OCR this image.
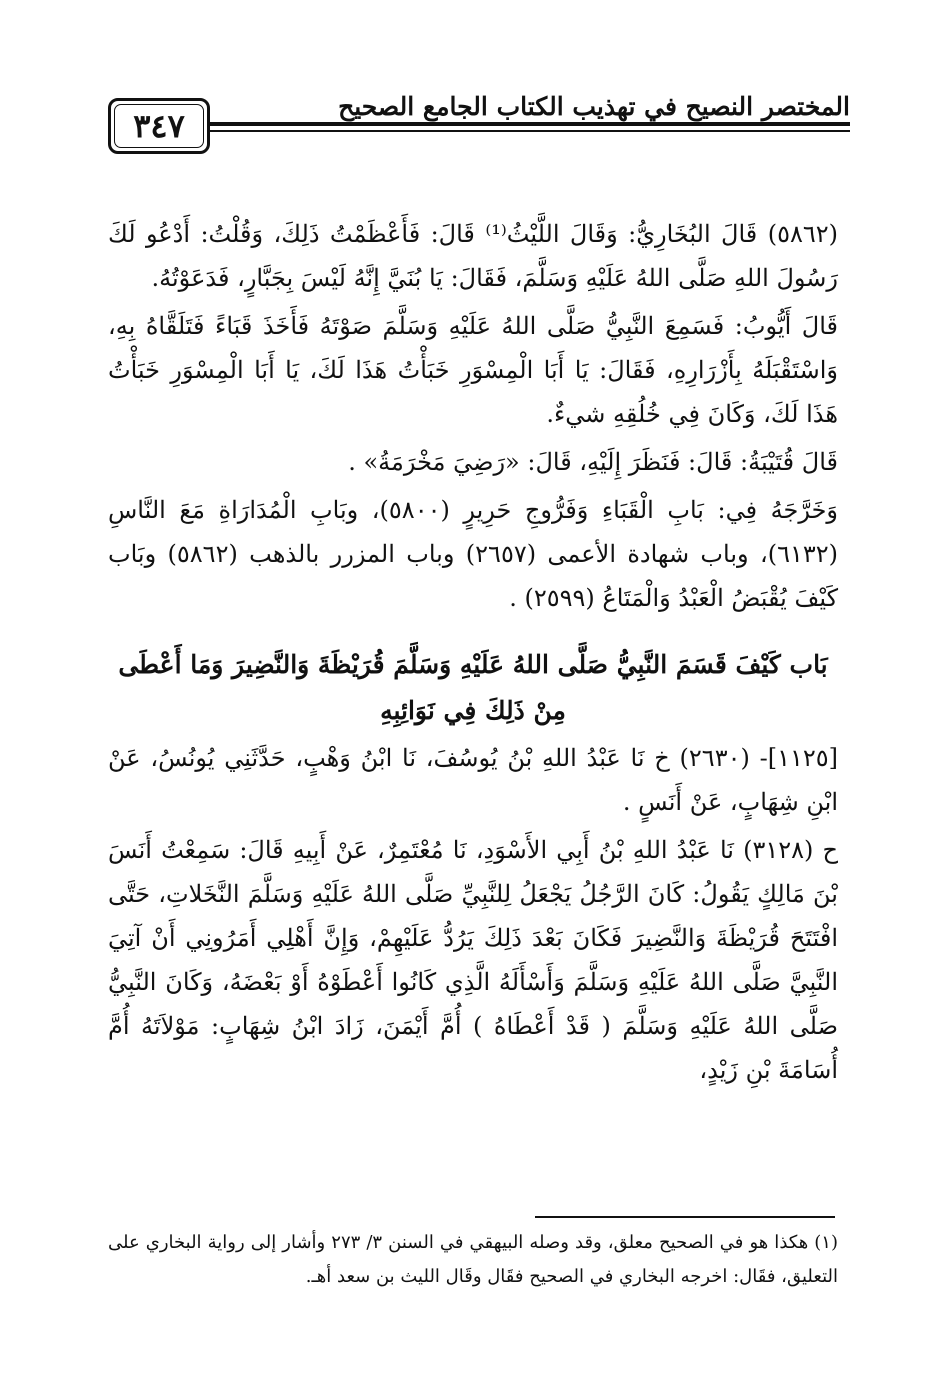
٣٤٧
المختصر النصيح في تهذيب الكتاب الجامع الصحيح

(٥٨٦٢) قَالَ البُخَارِيُّ: وَقَالَ اللَّيْثُ⁽¹⁾ قَالَ: فَأَعْظَمْتُ ذَلِكَ، وَقُلْتُ: أَدْعُو لَكَ رَسُولَ اللهِ صَلَّى اللهُ عَلَيْهِ وَسَلَّمَ، فَقَالَ: يَا بُنَيَّ إِنَّهُ لَيْسَ بِجَبَّارٍ، فَدَعَوْتُهُ.

قَالَ أَيُّوبُ: فَسَمِعَ النَّبِيُّ صَلَّى اللهُ عَلَيْهِ وَسَلَّمَ صَوْتَهُ فَأَخَذَ قَبَاءً فَتَلَقَّاهُ بِهِ، وَاسْتَقْبَلَهُ بِأَزْرَارِهِ، فَقَالَ: يَا أَبَا الْمِسْوَرِ خَبَأْتُ هَذَا لَكَ، يَا أَبَا الْمِسْوَرِ خَبَأْتُ هَذَا لَكَ، وَكَانَ فِي خُلُقِهِ شيءٌ.

قَالَ قُتَيْبَةُ: قَالَ: فَنَظَرَ إِلَيْهِ، قَالَ: «رَضِيَ مَخْرَمَةُ» .

وَخَرَّجَهُ فِي: بَابِ الْقَبَاءِ وَفَرُّوجِ حَرِيرٍ (٥٨٠٠)، وبَابِ الْمُدَارَاةِ مَعَ النَّاسِ (٦١٣٢)، وباب شهادة الأعمى (٢٦٥٧) وباب المزرر بالذهب (٥٨٦٢) وبَاب كَيْفَ يُقْبَضُ الْعَبْدُ وَالْمَتَاعُ (٢٥٩٩) .

بَاب كَيْفَ قَسَمَ النَّبِيُّ صَلَّى اللهُ عَلَيْهِ وَسَلَّمَ قُرَيْظَةَ وَالنَّضِيرَ وَمَا أَعْطَى مِنْ ذَلِكَ فِي نَوَائِبِهِ

[١١٢٥]- (٢٦٣٠) خ نَا عَبْدُ اللهِ بْنُ يُوسُفَ، نَا ابْنُ وَهْبٍ، حَدَّثَنِي يُونُسُ، عَنْ ابْنِ شِهَابٍ، عَنْ أَنَسٍ .

ح (٣١٢٨) نَا عَبْدُ اللهِ بْنُ أَبِي الأَسْوَدِ، نَا مُعْتَمِرٌ، عَنْ أَبِيهِ قَالَ: سَمِعْتُ أَنَسَ بْنَ مَالِكٍ يَقُولُ: كَانَ الرَّجُلُ يَجْعَلُ لِلنَّبِيِّ صَلَّى اللهُ عَلَيْهِ وَسَلَّمَ النَّخَلاتِ، حَتَّى افْتَتَحَ قُرَيْظَةَ وَالنَّضِيرَ فَكَانَ بَعْدَ ذَلِكَ يَرُدُّ عَلَيْهِمْ، وَإِنَّ أَهْلِي أَمَرُونِي أَنْ آتِيَ النَّبِيَّ صَلَّى اللهُ عَلَيْهِ وَسَلَّمَ وَأَسْأَلَهُ الَّذِي كَانُوا أَعْطَوْهُ أَوْ بَعْضَهُ، وَكَانَ النَّبِيُّ صَلَّى اللهُ عَلَيْهِ وَسَلَّمَ ( قَدْ أَعْطَاهُ ) أُمَّ أَيْمَنَ، زَادَ ابْنُ شِهَابٍ: مَوْلاَتَهُ أُمَّ أُسَامَةَ بْنِ زَيْدٍ،

(١) هكذا هو في الصحيح معلق، وقد وصله البيهقي في السنن ٣/ ٢٧٣ وأشار إلى رواية البخاري على التعليق، فقَال: اخرجه البخاري في الصحيح فقَال وقَال الليث بن سعد أهـ.
